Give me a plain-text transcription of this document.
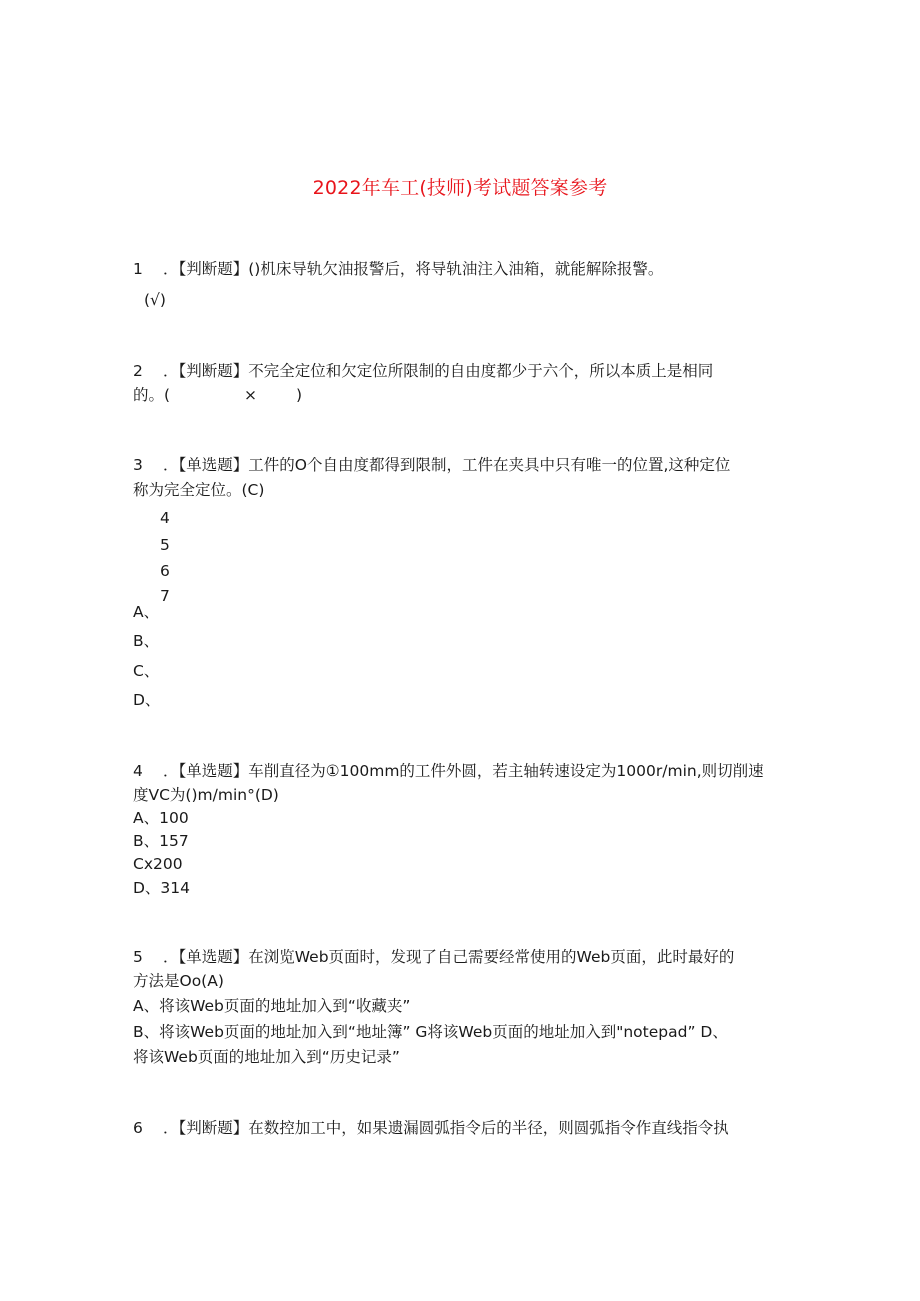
2022年车工(技师)考试题答案参考
1 ．【判断题】()机床导轨欠油报警后，将导轨油注入油箱，就能解除报警。
(√)
2 ．【判断题】不完全定位和欠定位所限制的自由度都少于六个，所以本质上是相同
的。(	×	)
3 ．【单选题】工件的O个自由度都得到限制，工件在夹具中只有唯一的位置,这种定位
称为完全定位。(C)
4
5
6
7
A、
B、
C、
D、
4 ．【单选题】车削直径为①100mm的工件外圆，若主轴转速设定为1000r∕min,则切削速
度VC为()m∕min°(D)
A、100
B、157
Cx200
D、314
5 ．【单选题】在浏览Web页面时，发现了自己需要经常使用的Web页面，此时最好的
方法是Oo(A)
A、将该Web页面的地址加入到“收藏夹”
B、将该Web页面的地址加入到“地址簿” G将该Web页面的地址加入到"notepad” D、
将该Web页面的地址加入到“历史记录”
6 ．【判断题】在数控加工中，如果遗漏圆弧指令后的半径，则圆弧指令作直线指令执
